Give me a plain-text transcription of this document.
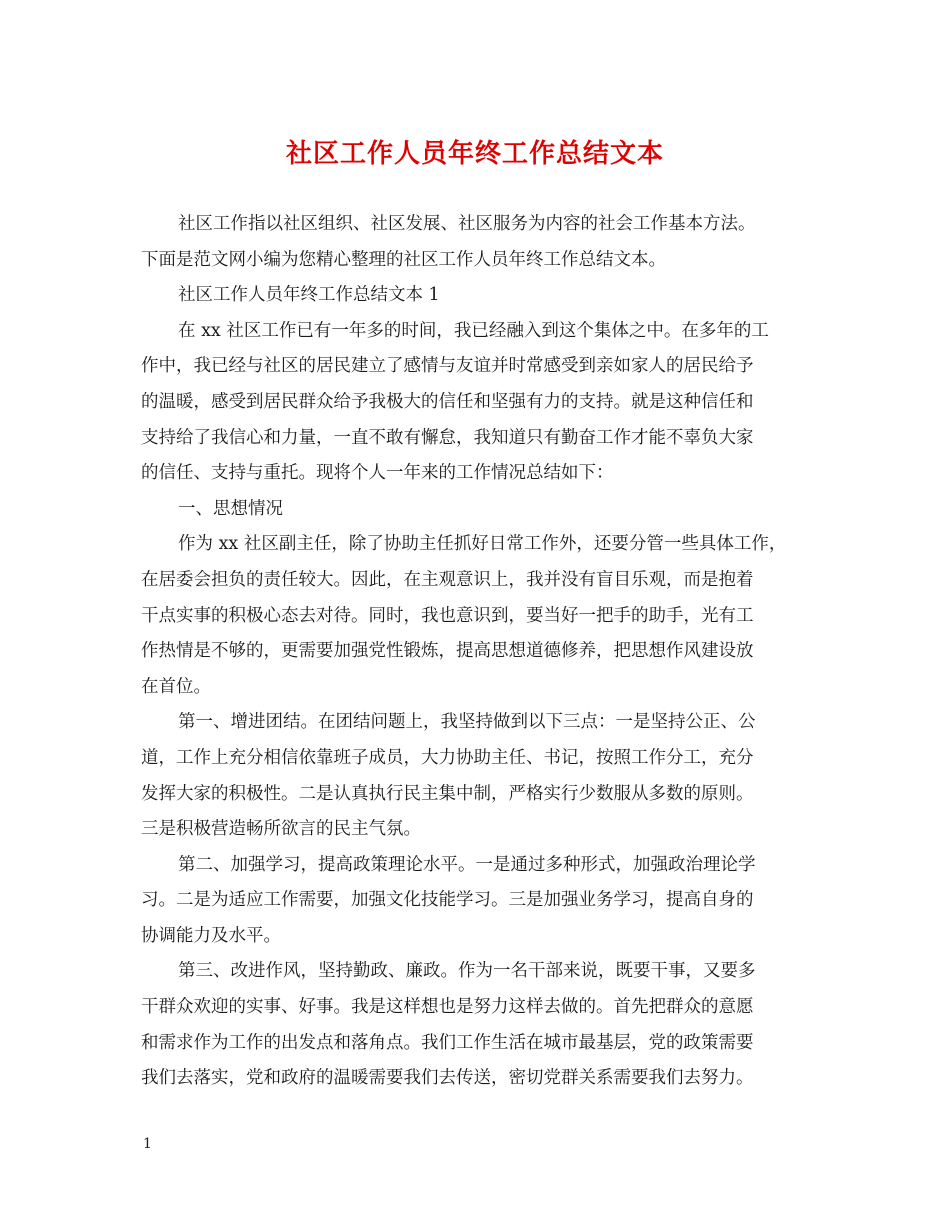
社区工作人员年终工作总结文本
社区工作指以社区组织、社区发展、社区服务为内容的社会工作基本方法。
下面是范文网小编为您精心整理的社区工作人员年终工作总结文本。
社区工作人员年终工作总结文本 1
在 xx 社区工作已有一年多的时间，我已经融入到这个集体之中。在多年的工
作中，我已经与社区的居民建立了感情与友谊并时常感受到亲如家人的居民给予
的温暖，感受到居民群众给予我极大的信任和坚强有力的支持。就是这种信任和
支持给了我信心和力量，一直不敢有懈怠，我知道只有勤奋工作才能不辜负大家
的信任、支持与重托。现将个人一年来的工作情况总结如下：
一、思想情况
作为 xx 社区副主任，除了协助主任抓好日常工作外，还要分管一些具体工作，
在居委会担负的责任较大。因此，在主观意识上，我并没有盲目乐观，而是抱着
干点实事的积极心态去对待。同时，我也意识到，要当好一把手的助手，光有工
作热情是不够的，更需要加强党性锻炼，提高思想道德修养，把思想作风建设放
在首位。
第一、增进团结。在团结问题上，我坚持做到以下三点：一是坚持公正、公
道，工作上充分相信依靠班子成员，大力协助主任、书记，按照工作分工，充分
发挥大家的积极性。二是认真执行民主集中制，严格实行少数服从多数的原则。
三是积极营造畅所欲言的民主气氛。
第二、加强学习，提高政策理论水平。一是通过多种形式，加强政治理论学
习。二是为适应工作需要，加强文化技能学习。三是加强业务学习，提高自身的
协调能力及水平。
第三、改进作风，坚持勤政、廉政。作为一名干部来说，既要干事，又要多
干群众欢迎的实事、好事。我是这样想也是努力这样去做的。首先把群众的意愿
和需求作为工作的出发点和落角点。我们工作生活在城市最基层，党的政策需要
我们去落实，党和政府的温暖需要我们去传送，密切党群关系需要我们去努力。
1
